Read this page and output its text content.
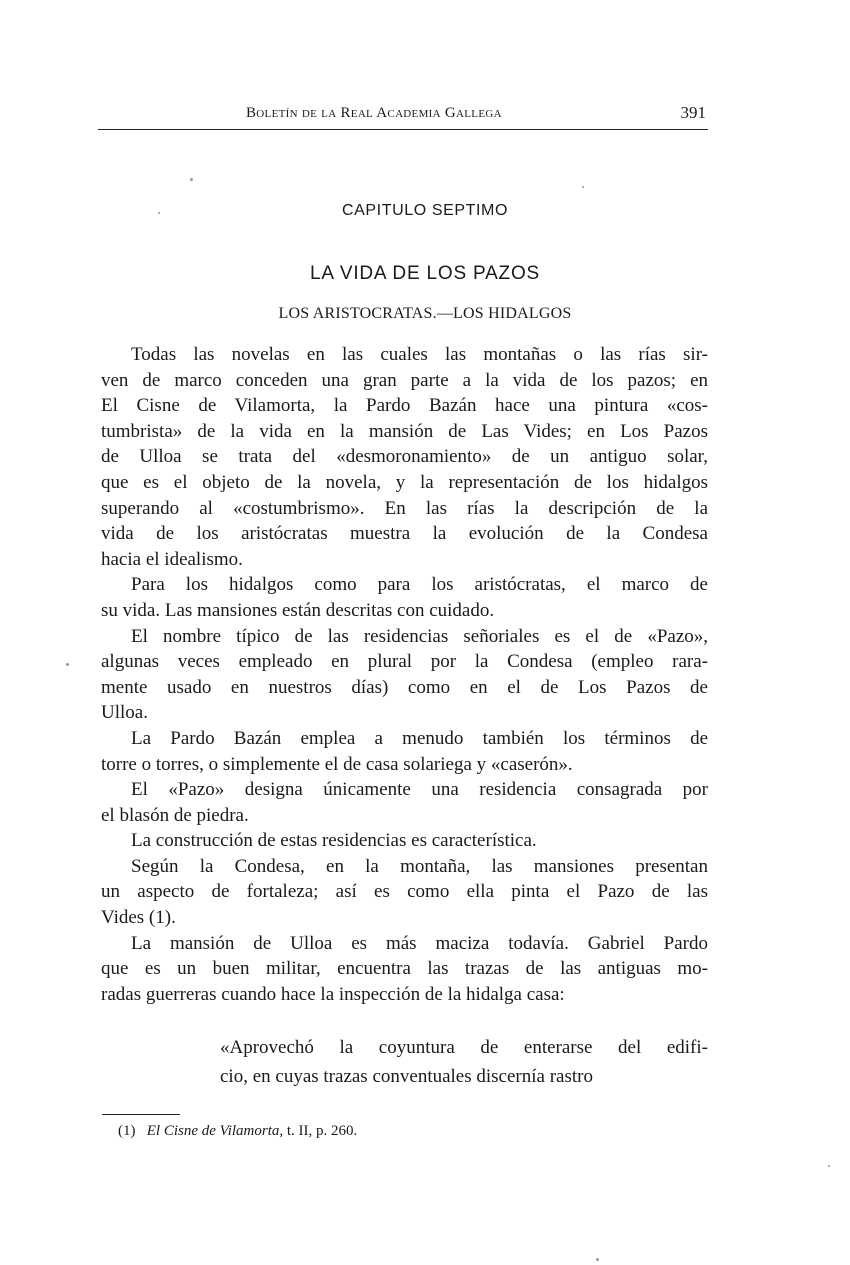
Boletín de la Real Academia Gallega	391
CAPITULO SEPTIMO
LA VIDA DE LOS PAZOS
LOS ARISTOCRATAS.—LOS HIDALGOS
Todas las novelas en las cuales las montañas o las rías sir-
ven de marco conceden una gran parte a la vida de los pazos; en
El Cisne de Vilamorta, la Pardo Bazán hace una pintura «cos-
tumbrista» de la vida en la mansión de Las Vides; en Los Pazos
de Ulloa se trata del «desmoronamiento» de un antiguo solar,
que es el objeto de la novela, y la representación de los hidalgos
superando al «costumbrismo». En las rías la descripción de la
vida de los aristócratas muestra la evolución de la Condesa
hacia el idealismo.
Para los hidalgos como para los aristócratas, el marco de
su vida. Las mansiones están descritas con cuidado.
El nombre típico de las residencias señoriales es el de «Pazo»,
algunas veces empleado en plural por la Condesa (empleo rara-
mente usado en nuestros días) como en el de Los Pazos de
Ulloa.
La Pardo Bazán emplea a menudo también los términos de
torre o torres, o simplemente el de casa solariega y «caserón».
El «Pazo» designa únicamente una residencia consagrada por
el blasón de piedra.
La construcción de estas residencias es característica.
Según la Condesa, en la montaña, las mansiones presentan
un aspecto de fortaleza; así es como ella pinta el Pazo de las
Vides (1).
La mansión de Ulloa es más maciza todavía. Gabriel Pardo
que es un buen militar, encuentra las trazas de las antiguas mo-
radas guerreras cuando hace la inspección de la hidalga casa:
«Aprovechó la coyuntura de enterarse del edifi-
cio, en cuyas trazas conventuales discernía rastro
(1) El Cisne de Vilamorta, t. II, p. 260.
